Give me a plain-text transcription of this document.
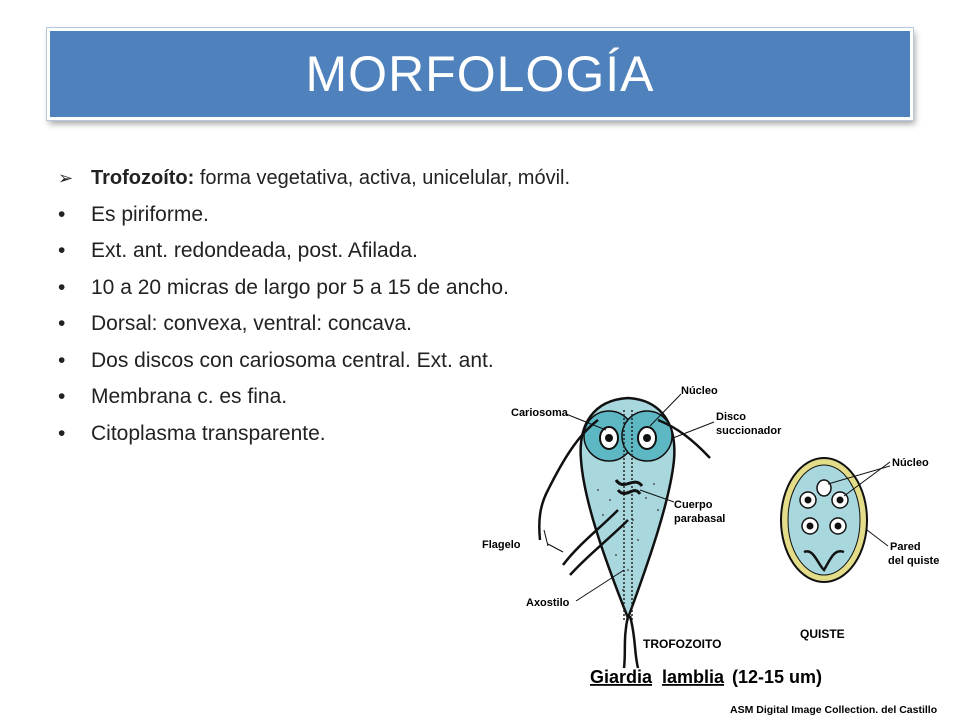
MORFOLOGÍA
➢ Trofozoíto: forma vegetativa, activa, unicelular, móvil.
•	Es piriforme.
•	Ext. ant. redondeada, post. Afilada.
•	10 a 20 micras de largo por 5 a 15 de ancho.
•	Dorsal: convexa, ventral: concava.
•	Dos discos con cariosoma central. Ext. ant.
•	Membrana c. es fina.
•	Citoplasma transparente.
Cariosoma
Núcleo
Disco
succionador
Cuerpo
parabasal
Flagelo
Axostilo
TROFOZOITO
Núcleo
Pared
del quiste
QUISTE
Giardia lamblia (12-15 um)
ASM Digital Image Collection. del Castillo
